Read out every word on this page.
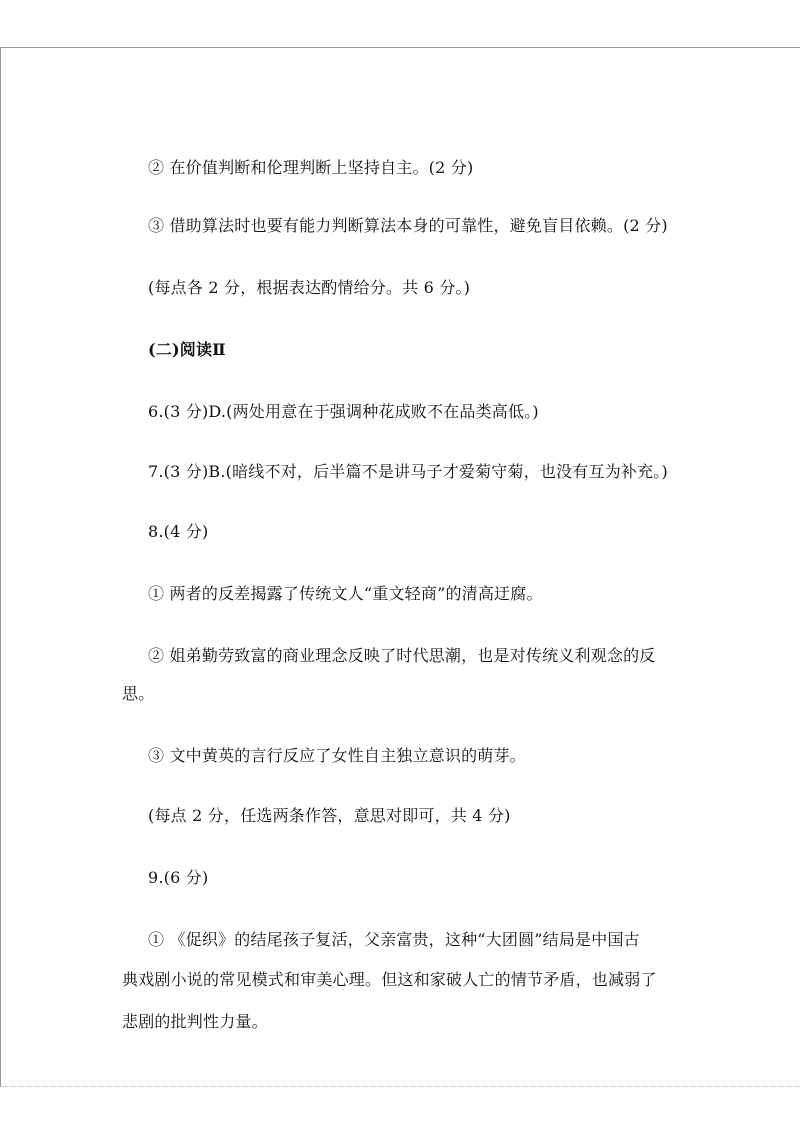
② 在价值判断和伦理判断上坚持自主。(2 分)
③ 借助算法时也要有能力判断算法本身的可靠性，避免盲目依赖。(2 分)
(每点各 2 分，根据表达酌情给分。共 6 分。)
(二)阅读Ⅱ
6.(3 分)D.(两处用意在于强调种花成败不在品类高低。)
7.(3 分)B.(暗线不对，后半篇不是讲马子才爱菊守菊，也没有互为补充。)
8.(4 分)
① 两者的反差揭露了传统文人“重文轻商”的清高迂腐。
② 姐弟勤劳致富的商业理念反映了时代思潮，也是对传统义利观念的反
思。
③ 文中黄英的言行反应了女性自主独立意识的萌芽。
(每点 2 分，任选两条作答，意思对即可，共 4 分)
9.(6 分)
① 《促织》的结尾孩子复活，父亲富贵，这种“大团圆”结局是中国古
典戏剧小说的常见模式和审美心理。但这和家破人亡的情节矛盾，也减弱了
悲剧的批判性力量。
